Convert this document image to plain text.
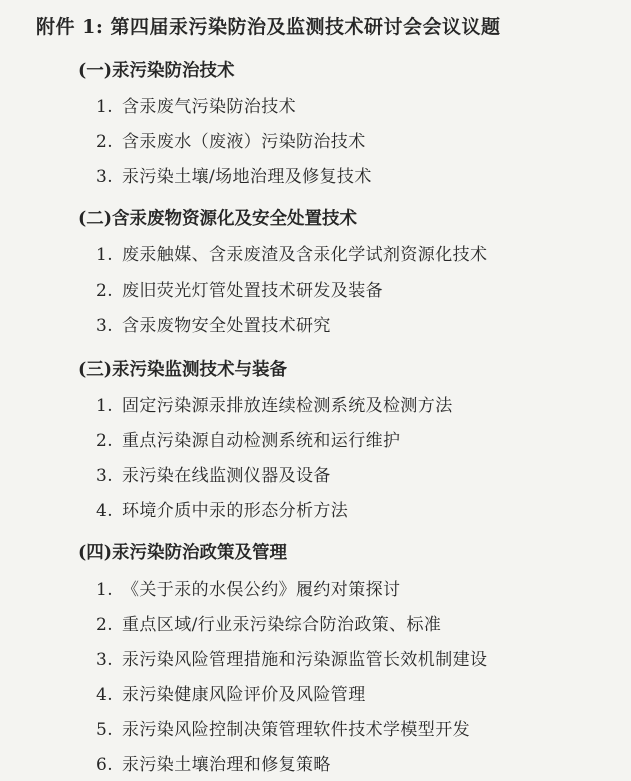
附件 1: 第四届汞污染防治及监测技术研讨会会议议题
(一)汞污染防治技术
1. 含汞废气污染防治技术
2. 含汞废水（废液）污染防治技术
3. 汞污染土壤/场地治理及修复技术
(二)含汞废物资源化及安全处置技术
1. 废汞触媒、含汞废渣及含汞化学试剂资源化技术
2. 废旧荧光灯管处置技术研发及装备
3. 含汞废物安全处置技术研究
(三)汞污染监测技术与装备
1. 固定污染源汞排放连续检测系统及检测方法
2. 重点污染源自动检测系统和运行维护
3. 汞污染在线监测仪器及设备
4. 环境介质中汞的形态分析方法
(四)汞污染防治政策及管理
1. 《关于汞的水俣公约》履约对策探讨
2. 重点区域/行业汞污染综合防治政策、标准
3. 汞污染风险管理措施和污染源监管长效机制建设
4. 汞污染健康风险评价及风险管理
5. 汞污染风险控制决策管理软件技术学模型开发
6. 汞污染土壤治理和修复策略
